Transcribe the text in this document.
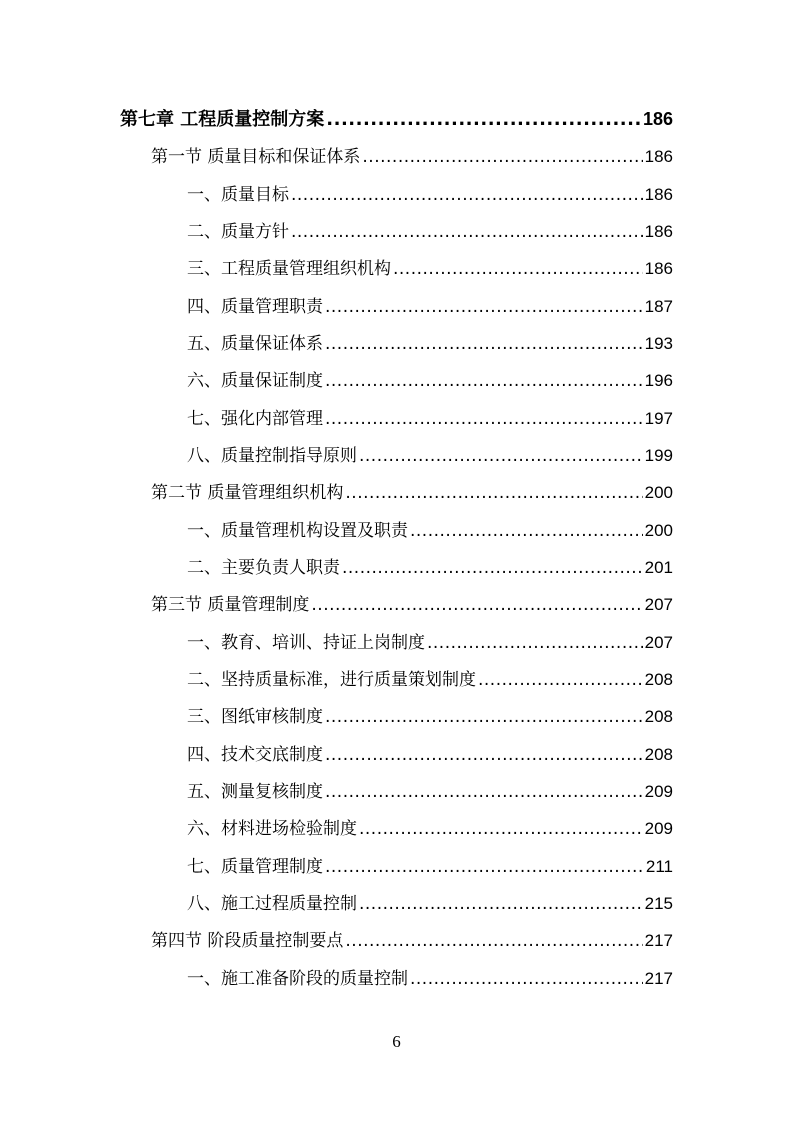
第七章 工程质量控制方案 .....	186
第一节 质量目标和保证体系 .....	186
一、质量目标 .....	186
二、质量方针 .....	186
三、工程质量管理组织机构 .....	186
四、质量管理职责 .....	187
五、质量保证体系 .....	193
六、质量保证制度 .....	196
七、强化内部管理 .....	197
八、质量控制指导原则 .....	199
第二节 质量管理组织机构 .....	200
一、质量管理机构设置及职责 .....	200
二、主要负责人职责 .....	201
第三节 质量管理制度 .....	207
一、教育、培训、持证上岗制度 .....	207
二、坚持质量标准，进行质量策划制度 .....	208
三、图纸审核制度 .....	208
四、技术交底制度 .....	208
五、测量复核制度 .....	209
六、材料进场检验制度 .....	209
七、质量管理制度 .....	211
八、施工过程质量控制 .....	215
第四节 阶段质量控制要点 .....	217
一、施工准备阶段的质量控制 .....	217
6
